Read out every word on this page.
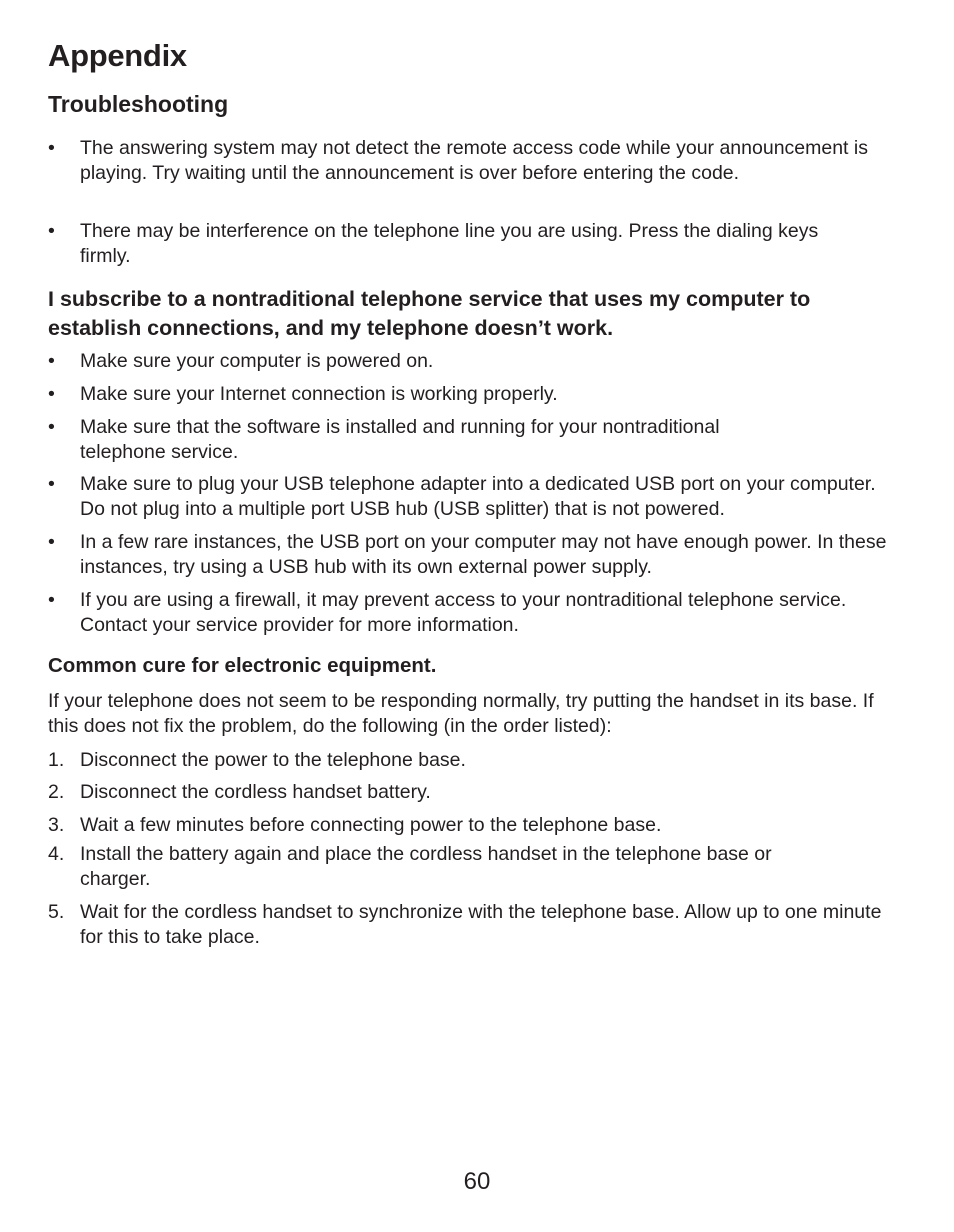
Appendix
Troubleshooting
• The answering system may not detect the remote access code while your announcement is playing. Try waiting until the announcement is over before entering the code.
• There may be interference on the telephone line you are using. Press the dialing keys firmly.
I subscribe to a nontraditional telephone service that uses my computer to establish connections, and my telephone doesn’t work.
• Make sure your computer is powered on.
• Make sure your Internet connection is working properly.
• Make sure that the software is installed and running for your nontraditional telephone service.
• Make sure to plug your USB telephone adapter into a dedicated USB port on your computer. Do not plug into a multiple port USB hub (USB splitter) that is not powered.
• In a few rare instances, the USB port on your computer may not have enough power. In these instances, try using a USB hub with its own external power supply.
• If you are using a firewall, it may prevent access to your nontraditional telephone service. Contact your service provider for more information.
Common cure for electronic equipment.
If your telephone does not seem to be responding normally, try putting the handset in its base. If this does not fix the problem, do the following (in the order listed):
1. Disconnect the power to the telephone base.
2. Disconnect the cordless handset battery.
3. Wait a few minutes before connecting power to the telephone base.
4. Install the battery again and place the cordless handset in the telephone base or charger.
5. Wait for the cordless handset to synchronize with the telephone base. Allow up to one minute for this to take place.
60
